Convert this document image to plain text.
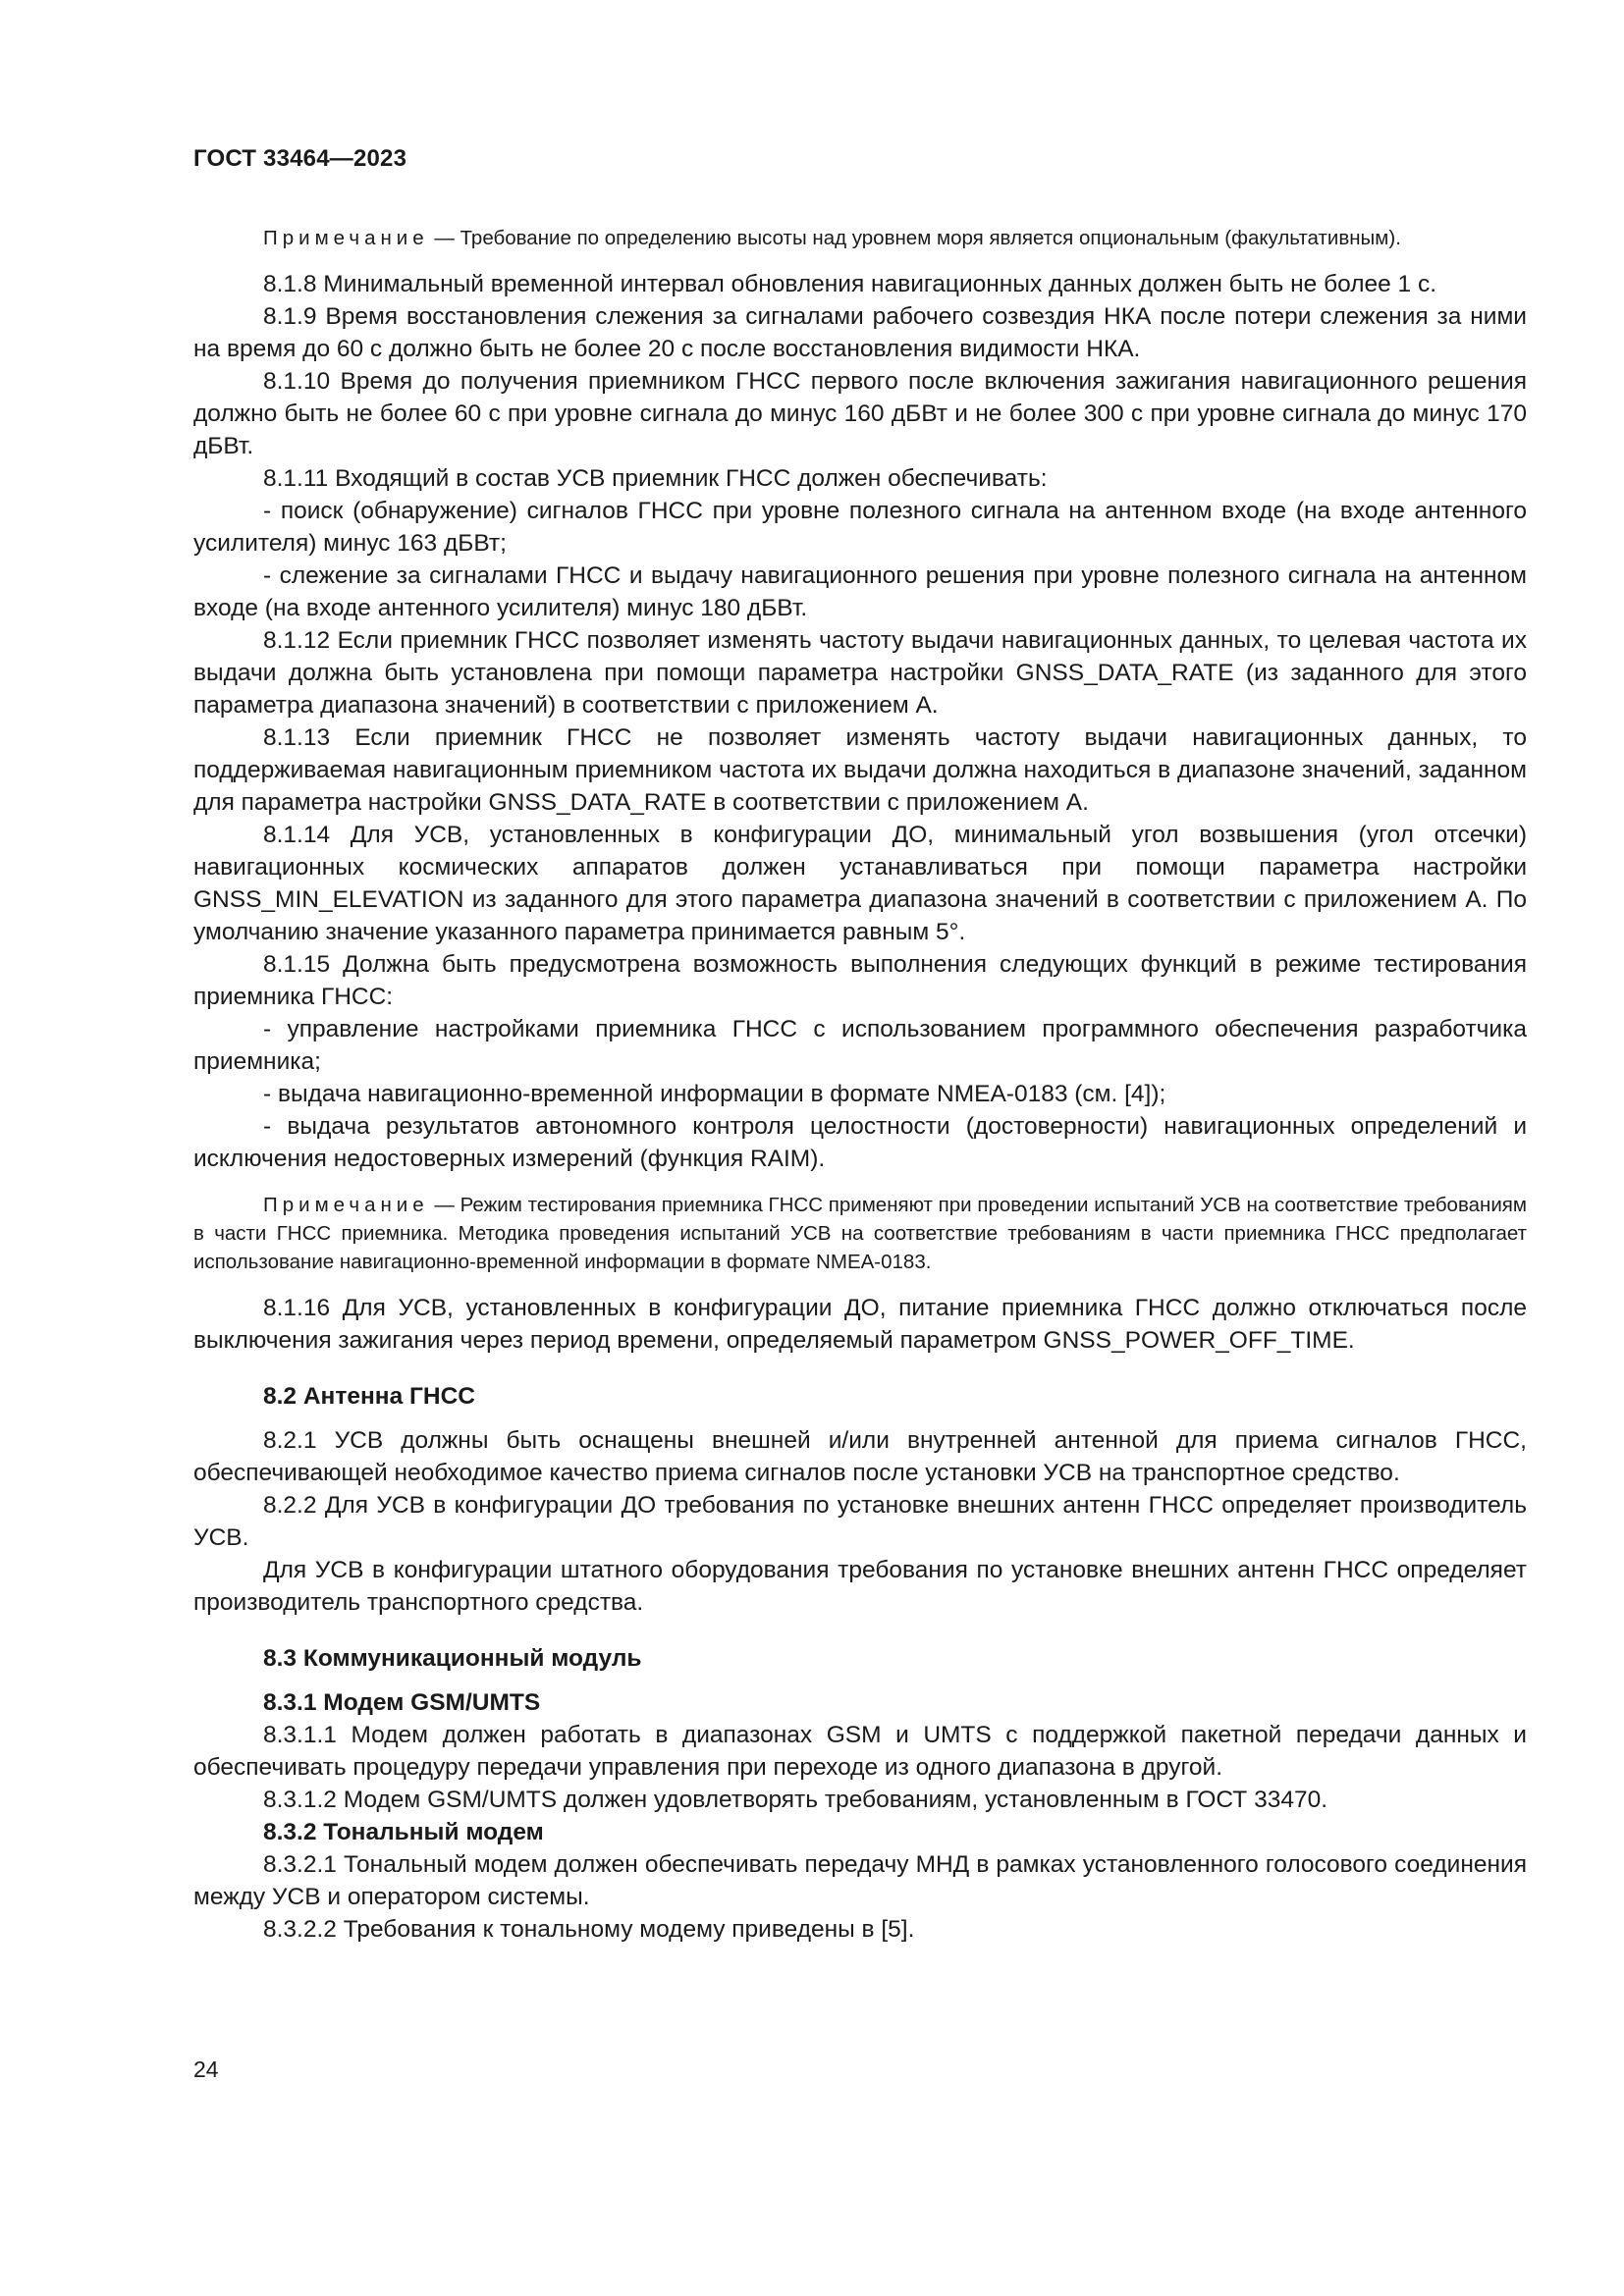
ГОСТ 33464—2023

Примечание — Требование по определению высоты над уровнем моря является опциональным (факультативным).

8.1.8 Минимальный временной интервал обновления навигационных данных должен быть не более 1 с.

8.1.9 Время восстановления слежения за сигналами рабочего созвездия НКА после потери слежения за ними на время до 60 с должно быть не более 20 с после восстановления видимости НКА.

8.1.10 Время до получения приемником ГНСС первого после включения зажигания навигационного решения должно быть не более 60 с при уровне сигнала до минус 160 дБВт и не более 300 с при уровне сигнала до минус 170 дБВт.

8.1.11 Входящий в состав УСВ приемник ГНСС должен обеспечивать:

- поиск (обнаружение) сигналов ГНСС при уровне полезного сигнала на антенном входе (на входе антенного усилителя) минус 163 дБВт;

- слежение за сигналами ГНСС и выдачу навигационного решения при уровне полезного сигнала на антенном входе (на входе антенного усилителя) минус 180 дБВт.

8.1.12 Если приемник ГНСС позволяет изменять частоту выдачи навигационных данных, то целевая частота их выдачи должна быть установлена при помощи параметра настройки GNSS_DATA_RATE (из заданного для этого параметра диапазона значений) в соответствии с приложением А.

8.1.13 Если приемник ГНСС не позволяет изменять частоту выдачи навигационных данных, то поддерживаемая навигационным приемником частота их выдачи должна находиться в диапазоне значений, заданном для параметра настройки GNSS_DATA_RATE в соответствии с приложением А.

8.1.14 Для УСВ, установленных в конфигурации ДО, минимальный угол возвышения (угол отсечки) навигационных космических аппаратов должен устанавливаться при помощи параметра настройки GNSS_MIN_ELEVATION из заданного для этого параметра диапазона значений в соответствии с приложением А. По умолчанию значение указанного параметра принимается равным 5°.

8.1.15 Должна быть предусмотрена возможность выполнения следующих функций в режиме тестирования приемника ГНСС:

- управление настройками приемника ГНСС с использованием программного обеспечения разработчика приемника;

- выдача навигационно-временной информации в формате NMEA-0183 (см. [4]);

- выдача результатов автономного контроля целостности (достоверности) навигационных определений и исключения недостоверных измерений (функция RAIM).

Примечание — Режим тестирования приемника ГНСС применяют при проведении испытаний УСВ на соответствие требованиям в части ГНСС приемника. Методика проведения испытаний УСВ на соответствие требованиям в части приемника ГНСС предполагает использование навигационно-временной информации в формате NMEA-0183.

8.1.16 Для УСВ, установленных в конфигурации ДО, питание приемника ГНСС должно отключаться после выключения зажигания через период времени, определяемый параметром GNSS_POWER_OFF_TIME.

8.2 Антенна ГНСС

8.2.1 УСВ должны быть оснащены внешней и/или внутренней антенной для приема сигналов ГНСС, обеспечивающей необходимое качество приема сигналов после установки УСВ на транспортное средство.

8.2.2 Для УСВ в конфигурации ДО требования по установке внешних антенн ГНСС определяет производитель УСВ.

Для УСВ в конфигурации штатного оборудования требования по установке внешних антенн ГНСС определяет производитель транспортного средства.

8.3 Коммуникационный модуль

8.3.1 Модем GSM/UMTS

8.3.1.1 Модем должен работать в диапазонах GSM и UMTS с поддержкой пакетной передачи данных и обеспечивать процедуру передачи управления при переходе из одного диапазона в другой.

8.3.1.2 Модем GSM/UMTS должен удовлетворять требованиям, установленным в ГОСТ 33470.

8.3.2 Тональный модем

8.3.2.1 Тональный модем должен обеспечивать передачу МНД в рамках установленного голосового соединения между УСВ и оператором системы.

8.3.2.2 Требования к тональному модему приведены в [5].

24
